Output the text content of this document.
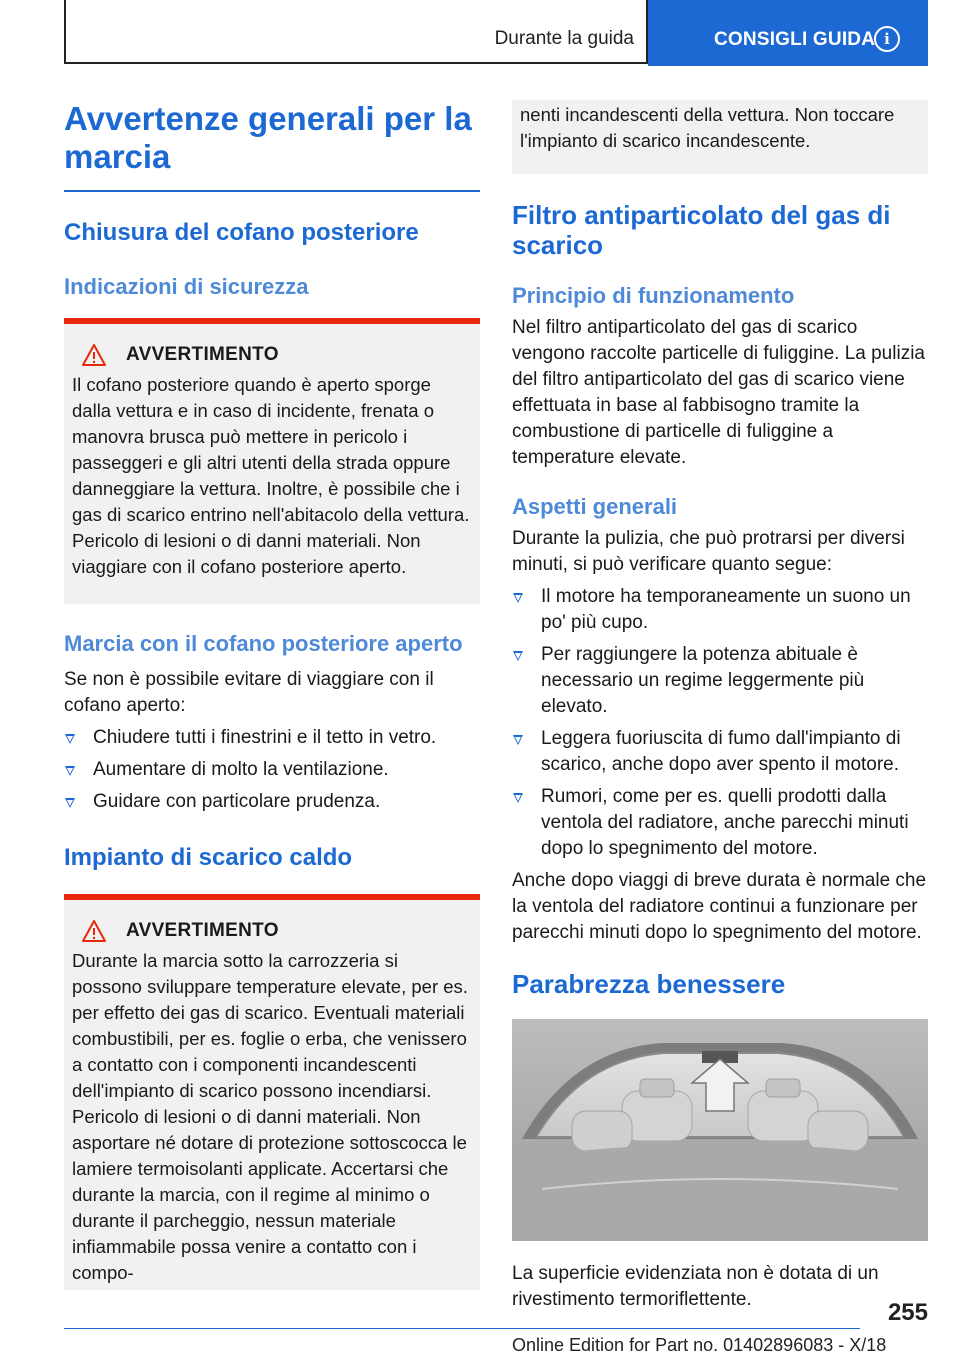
Durante la guida	CONSIGLI GUIDA i
Avvertenze generali per la marcia
Chiusura del cofano posteriore
Indicazioni di sicurezza
AVVERTIMENTO

Il cofano posteriore quando è aperto sporge dalla vettura e in caso di incidente, frenata o manovra brusca può mettere in pericolo i passeggeri e gli altri utenti della strada oppure danneggiare la vettura. Inoltre, è possibile che i gas di scarico entrino nell'abitacolo della vettura. Pericolo di lesioni o di danni materiali. Non viaggiare con il cofano posteriore aperto.

Marcia con il cofano posteriore aperto

Se non è possibile evitare di viaggiare con il cofano aperto:

Chiudere tutti i finestrini e il tetto in vetro.
Aumentare di molto la ventilazione.
Guidare con particolare prudenza.
Impianto di scarico caldo
AVVERTIMENTO

Durante la marcia sotto la carrozzeria si possono sviluppare temperature elevate, per es. per effetto dei gas di scarico. Eventuali materiali combustibili, per es. foglie o erba, che venissero a contatto con i componenti incandescenti dell'impianto di scarico possono incendiarsi. Pericolo di lesioni o di danni materiali. Non asportare né dotare di protezione sottoscocca le lamiere termoisolanti applicate. Accertarsi che durante la marcia, con il regime al minimo o durante il parcheggio, nessun materiale infiammabile possa venire a contatto con i compo-

nenti incandescenti della vettura. Non toccare l'impianto di scarico incandescente.

Filtro antiparticolato del gas di scarico
Principio di funzionamento

Nel filtro antiparticolato del gas di scarico vengono raccolte particelle di fuliggine. La pulizia del filtro antiparticolato del gas di scarico viene effettuata in base al fabbisogno tramite la combustione di particelle di fuliggine a temperature elevate.

Aspetti generali

Durante la pulizia, che può protrarsi per diversi minuti, si può verificare quanto segue:

Il motore ha temporaneamente un suono un po' più cupo.
Per raggiungere la potenza abituale è necessario un regime leggermente più elevato.
Leggera fuoriuscita di fumo dall'impianto di scarico, anche dopo aver spento il motore.
Rumori, come per es. quelli prodotti dalla ventola del radiatore, anche parecchi minuti dopo lo spegnimento del motore.

Anche dopo viaggi di breve durata è normale che la ventola del radiatore continui a funzionare per parecchi minuti dopo lo spegnimento del motore.

Parabrezza benessere

La superficie evidenziata non è dotata di un rivestimento termoriflettente.	255
Online Edition for Part no. 01402896083 - X/18
